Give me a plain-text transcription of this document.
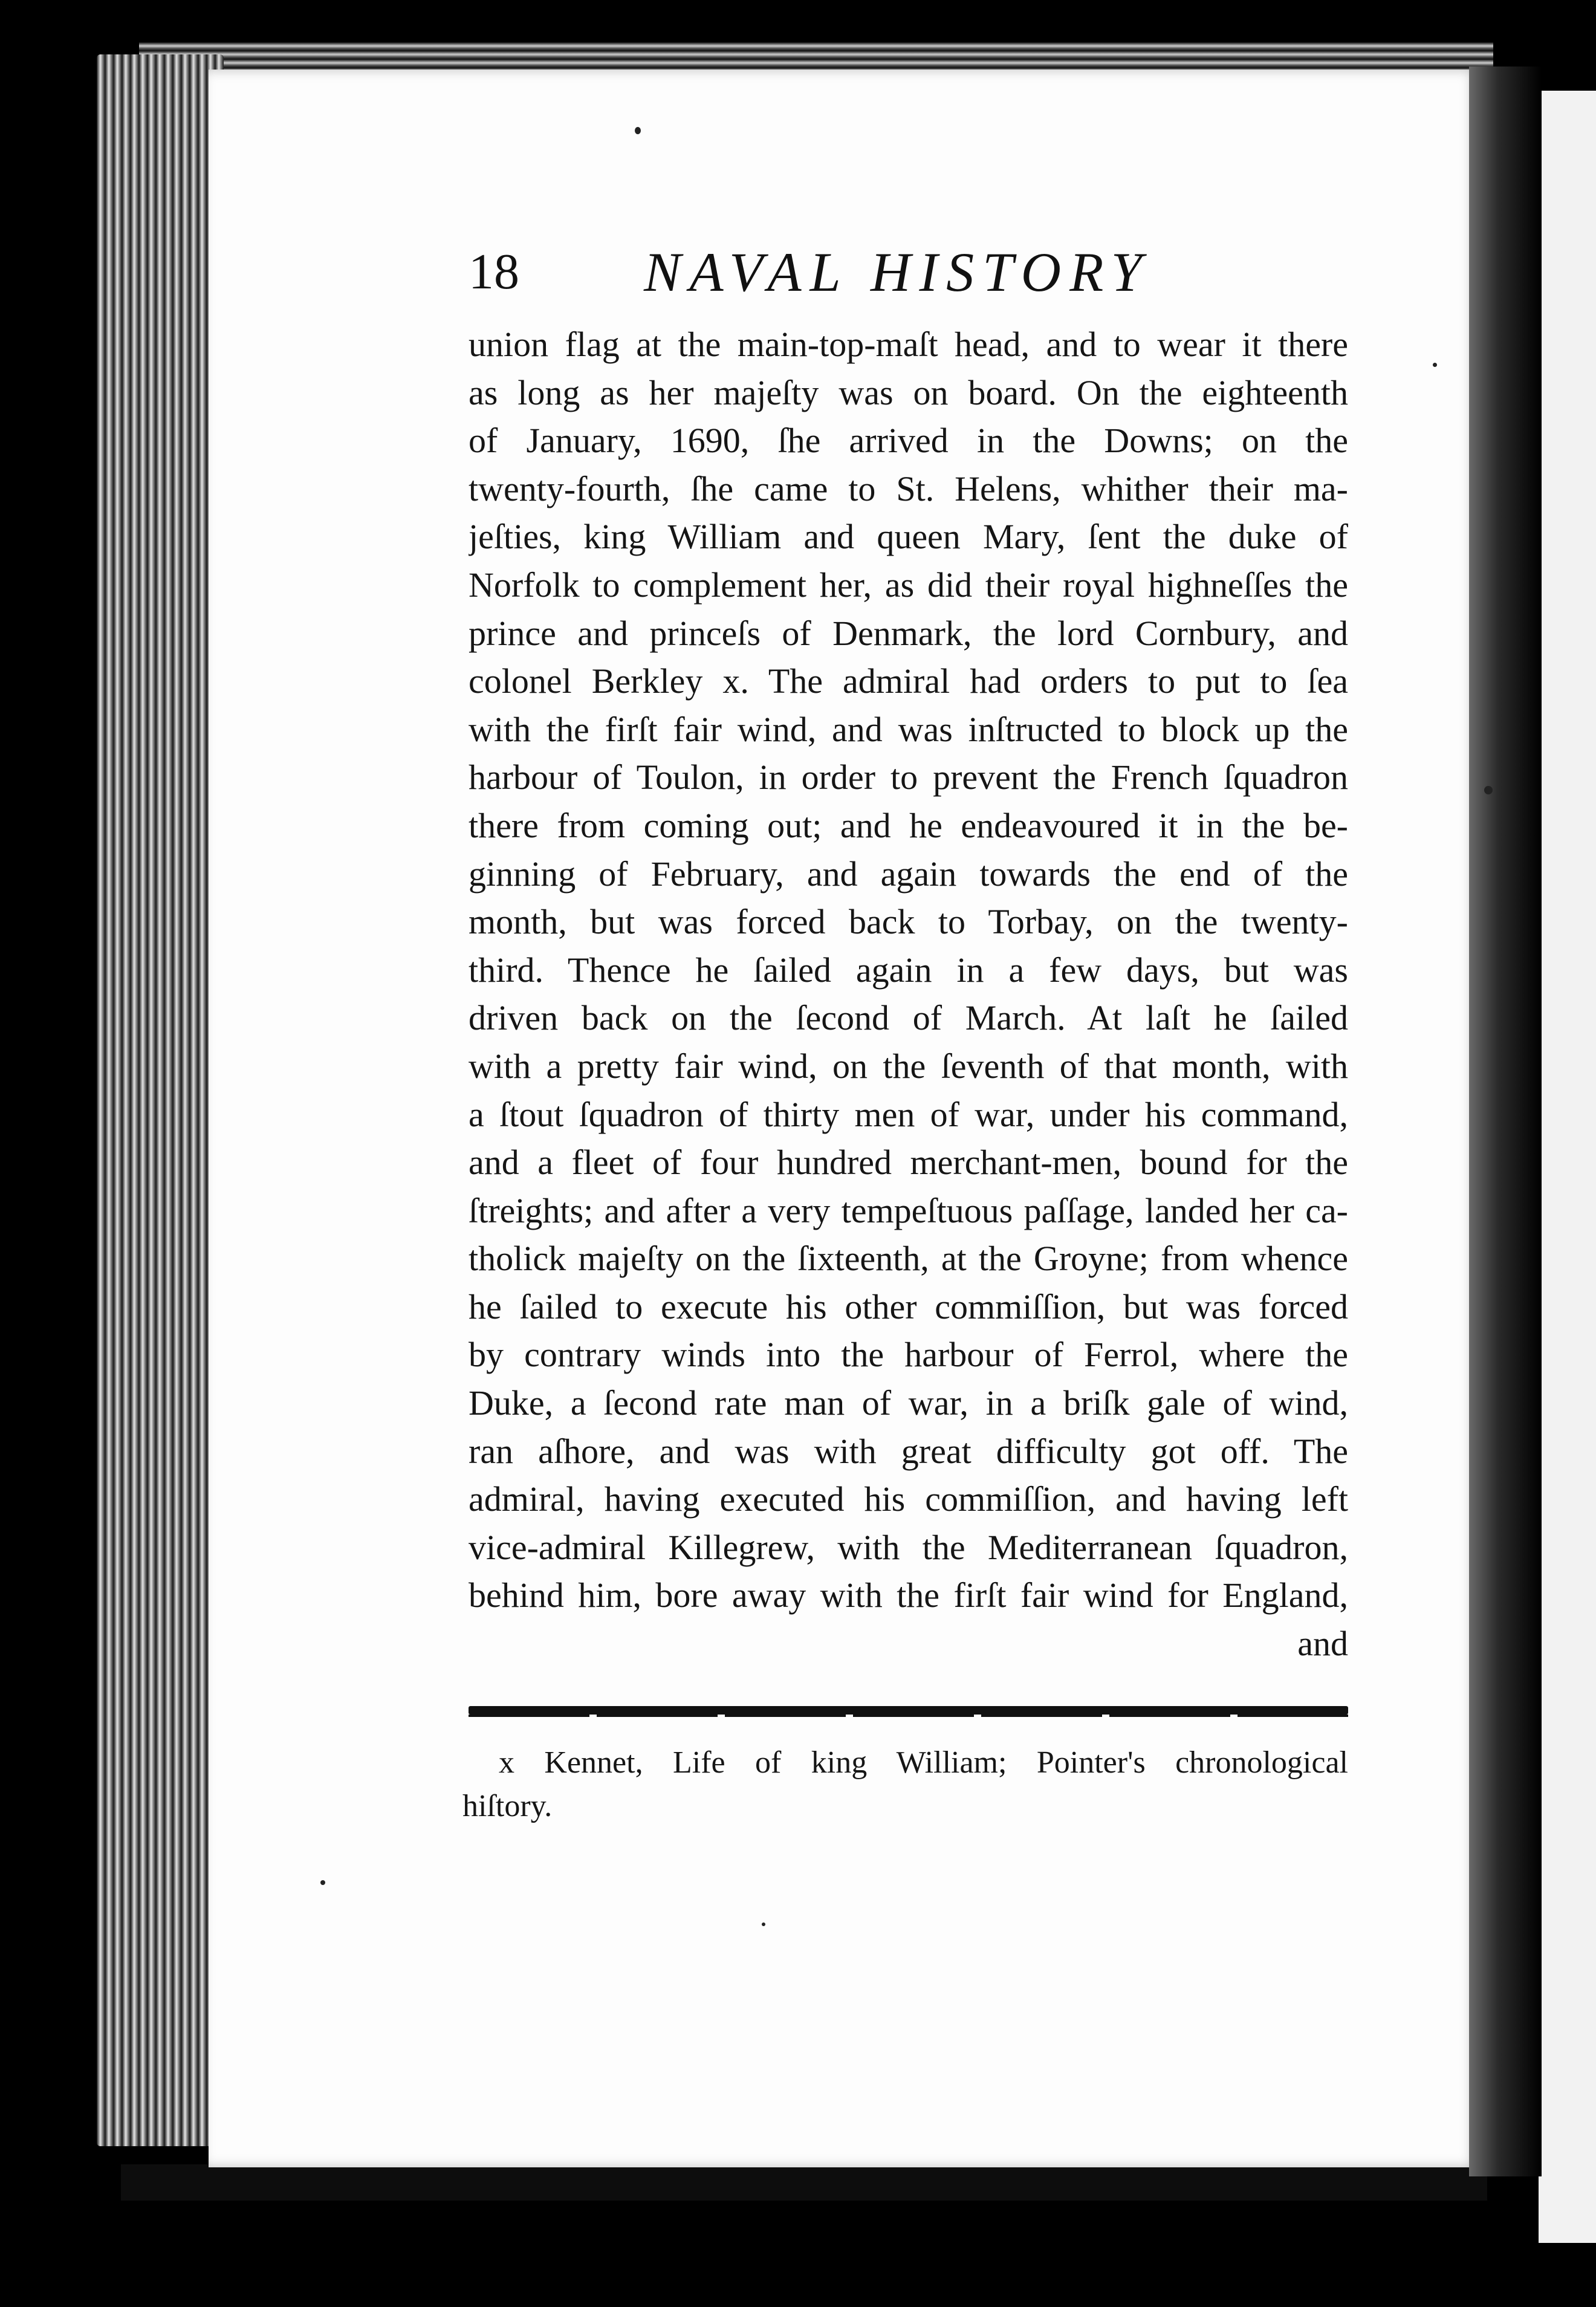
18 NAVAL HISTORY
union flag at the main-top-maſt head, and to wear it there
as long as her majeſty was on board. On the eighteenth
of January, 1690, ſhe arrived in the Downs; on the
twenty-fourth, ſhe came to St. Helens, whither their ma-
jeſties, king William and queen Mary, ſent the duke of
Norfolk to complement her, as did their royal highneſſes the
prince and princeſs of Denmark, the lord Cornbury, and
colonel Berkley x. The admiral had orders to put to ſea
with the firſt fair wind, and was inſtructed to block up the
harbour of Toulon, in order to prevent the French ſquadron
there from coming out; and he endeavoured it in the be-
ginning of February, and again towards the end of the
month, but was forced back to Torbay, on the twenty-
third. Thence he ſailed again in a few days, but was
driven back on the ſecond of March. At laſt he ſailed
with a pretty fair wind, on the ſeventh of that month, with
a ſtout ſquadron of thirty men of war, under his command,
and a fleet of four hundred merchant-men, bound for the
ſtreights; and after a very tempeſtuous paſſage, landed her ca-
tholick majeſty on the ſixteenth, at the Groyne; from whence
he ſailed to execute his other commiſſion, but was forced
by contrary winds into the harbour of Ferrol, where the
Duke, a ſecond rate man of war, in a briſk gale of wind,
ran aſhore, and was with great difficulty got off. The
admiral, having executed his commiſſion, and having left
vice-admiral Killegrew, with the Mediterranean ſquadron,
behind him, bore away with the firſt fair wind for England,
and
x Kennet, Life of king William; Pointer's chronological
hiſtory.
